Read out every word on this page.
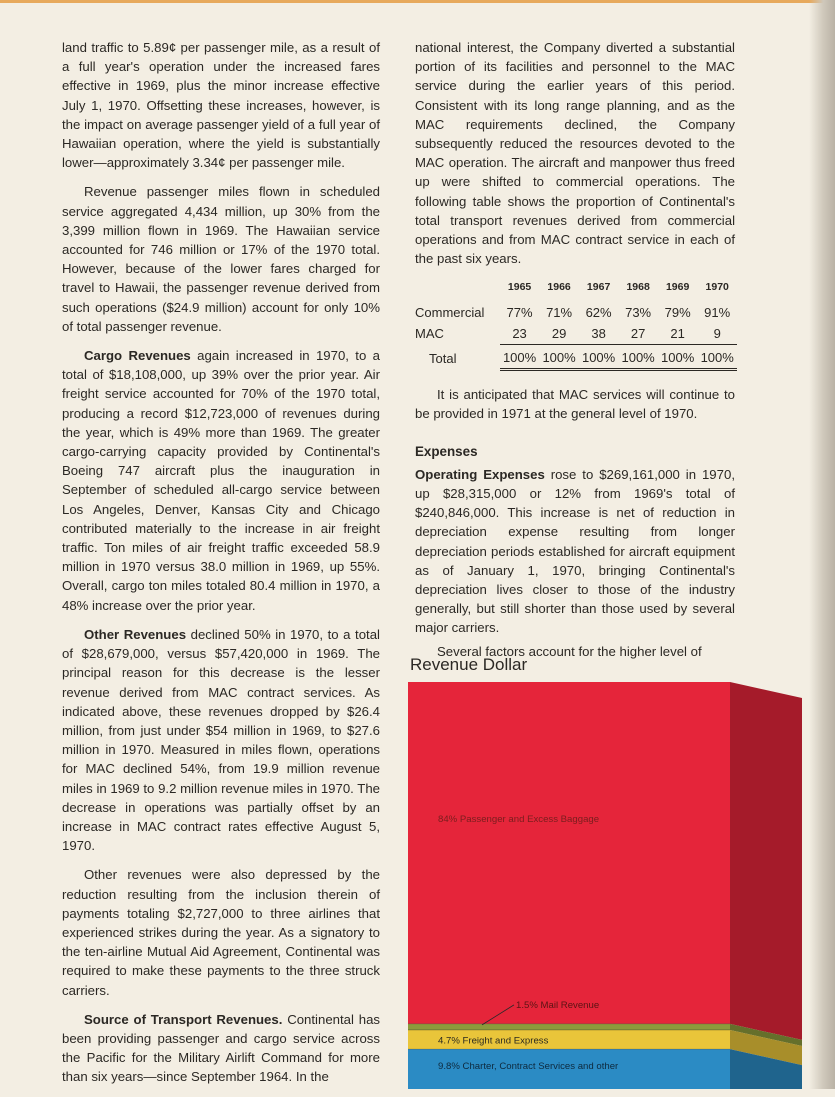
land traffic to 5.89¢ per passenger mile, as a result of a full year's operation under the increased fares effective in 1969, plus the minor increase effective July 1, 1970. Offsetting these increases, however, is the impact on average passenger yield of a full year of Hawaiian operation, where the yield is substantially lower—approximately 3.34¢ per passenger mile.

Revenue passenger miles flown in scheduled service aggregated 4,434 million, up 30% from the 3,399 million flown in 1969. The Hawaiian service accounted for 746 million or 17% of the 1970 total. However, because of the lower fares charged for travel to Hawaii, the passenger revenue derived from such operations ($24.9 million) account for only 10% of total passenger revenue.

Cargo Revenues again increased in 1970, to a total of $18,108,000, up 39% over the prior year. Air freight service accounted for 70% of the 1970 total, producing a record $12,723,000 of revenues during the year, which is 49% more than 1969. The greater cargo-carrying capacity provided by Continental's Boeing 747 aircraft plus the inauguration in September of scheduled all-cargo service between Los Angeles, Denver, Kansas City and Chicago contributed materially to the increase in air freight traffic. Ton miles of air freight traffic exceeded 58.9 million in 1970 versus 38.0 million in 1969, up 55%. Overall, cargo ton miles totaled 80.4 million in 1970, a 48% increase over the prior year.

Other Revenues declined 50% in 1970, to a total of $28,679,000, versus $57,420,000 in 1969. The principal reason for this decrease is the lesser revenue derived from MAC contract services. As indicated above, these revenues dropped by $26.4 million, from just under $54 million in 1969, to $27.6 million in 1970. Measured in miles flown, operations for MAC declined 54%, from 19.9 million revenue miles in 1969 to 9.2 million revenue miles in 1970. The decrease in operations was partially offset by an increase in MAC contract rates effective August 5, 1970.

Other revenues were also depressed by the reduction resulting from the inclusion therein of payments totaling $2,727,000 to three airlines that experienced strikes during the year. As a signatory to the ten-airline Mutual Aid Agreement, Continental was required to make these payments to the three struck carriers.

Source of Transport Revenues. Continental has been providing passenger and cargo service across the Pacific for the Military Airlift Command for more than six years—since September 1964. In the

national interest, the Company diverted a substantial portion of its facilities and personnel to the MAC service during the earlier years of this period. Consistent with its long range planning, and as the MAC requirements declined, the Company subsequently reduced the resources devoted to the MAC operation. The aircraft and manpower thus freed up were shifted to commercial operations. The following table shows the proportion of Continental's total transport revenues derived from commercial operations and from MAC contract service in each of the past six years.

	1965	1966	1967	1968	1969	1970
Commercial	77%	71%	62%	73%	79%	91%
MAC	23	29	38	27	21	9
Total	100%	100%	100%	100%	100%	100%

It is anticipated that MAC services will continue to be provided in 1971 at the general level of 1970.

Expenses

Operating Expenses rose to $269,161,000 in 1970, up $28,315,000 or 12% from 1969's total of $240,846,000. This increase is net of reduction in depreciation expense resulting from longer depreciation periods established for aircraft equipment as of January 1, 1970, bringing Continental's depreciation lives closer to those of the industry generally, but still shorter than those used by several major carriers.

Several factors account for the higher level of

Revenue Dollar
84% Passenger and Excess Baggage
1.5% Mail Revenue
4.7% Freight and Express
9.8% Charter, Contract Services and other
